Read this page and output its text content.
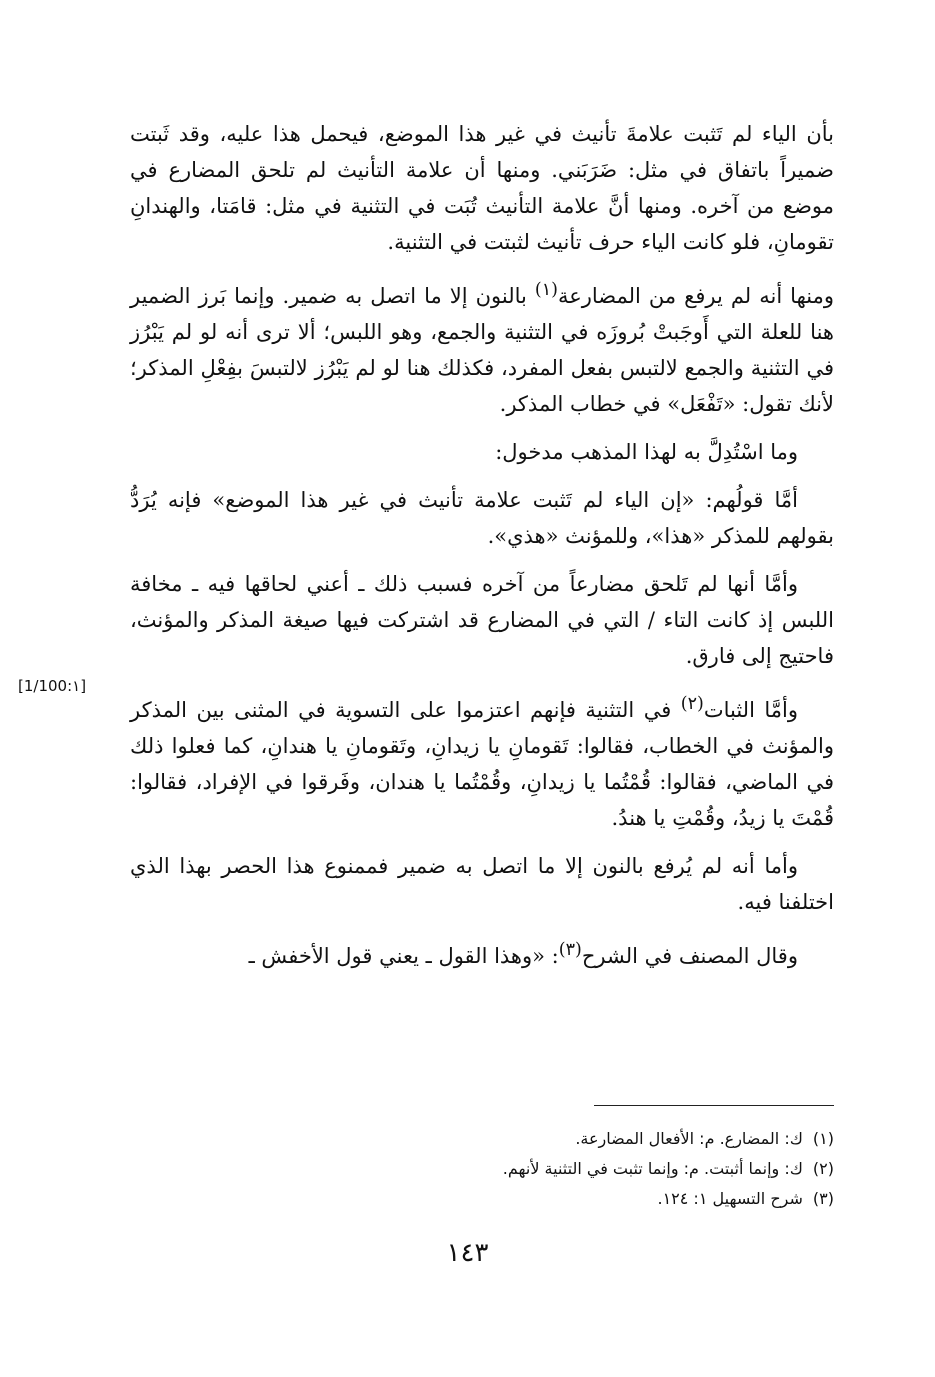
بأن الياء لم تَثبت علامةَ تأنيث في غير هذا الموضع، فيحمل هذا عليه، وقد ثَبتت ضميراً باتفاق في مثل: ضَرَبَني. ومنها أن علامة التأنيث لم تلحق المضارع في موضع من آخره. ومنها أنَّ علامة التأنيث تُبَت في التثنية في مثل: قامَتا، والهندانِ تقومانِ، فلو كانت الياء حرف تأنيث لثبتت في التثنية.

ومنها أنه لم يرفع من المضارعة$^{(١)}$ بالنون إلا ما اتصل به ضمير. وإنما بَرز الضمير هنا للعلة التي أَوجَبتْ بُروزَه في التثنية والجمع، وهو اللبس؛ ألا ترى أنه لو لم يَبْرُز في التثنية والجمع لالتبس بفعل المفرد، فكذلك هنا لو لم يَبْرُز لالتبسَ بفِعْلِ المذكر؛ لأنك تقول: «تَفْعَل» في خطاب المذكر.

وما اسْتُدِلَّ به لهذا المذهب مدخول:

أمَّا قولُهم: «إن الياء لم تَثبت علامة تأنيث في غير هذا الموضع» فإنه يُرَدُّ بقولهم للمذكر «هذا»، وللمؤنث «هذي».

وأمَّا أنها لم تَلحق مضارعاً من آخره فسبب ذلك ـ أعني لحاقها فيه ـ مخافة اللبس إذ كانت التاء / التي في المضارع قد اشتركت فيها صيغة المذكر والمؤنث، فاحتيج إلى فارق.

وأمَّا الثبات$^{(٢)}$ في التثنية فإنهم اعتزموا على التسوية في المثنى بين المذكر والمؤنث في الخطاب، فقالوا: تَقومانِ يا زيدانِ، وتَقومانِ يا هندانِ، كما فعلوا ذلك في الماضي، فقالوا: قُمْتُما يا زيدانِ، وقُمْتُما يا هندان، وفَرقوا في الإفراد، فقالوا: قُمْتَ يا زيدُ، وقُمْتِ يا هندُ.

وأما أنه لم يُرفع بالنون إلا ما اتصل به ضمير فممنوع هذا الحصر بهذا الذي اختلفنا فيه.

وقال المصنف في الشرح$^{(٣)}$: «وهذا القول ـ يعني قول الأخفش ـ

[1/100:١]
(١)ك: المضارع. م: الأفعال المضارعة.
(٢)ك: وإنما أثبتت. م: وإنما تثبت في التثنية لأنهم.
(٣)شرح التسهيل ١: ١٢٤.
١٤٣
